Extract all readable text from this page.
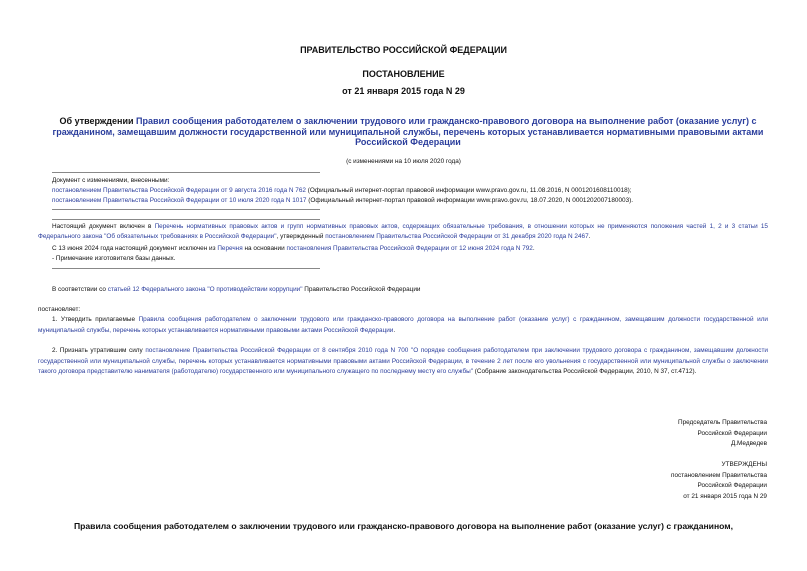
ПРАВИТЕЛЬСТВО РОССИЙСКОЙ ФЕДЕРАЦИИ
ПОСТАНОВЛЕНИЕ
от 21 января 2015 года N 29
Об утверждении Правил сообщения работодателем о заключении трудового или гражданско-правового договора на выполнение работ (оказание услуг) с гражданином, замещавшим должности государственной или муниципальной службы, перечень которых устанавливается нормативными правовыми актами Российской Федерации
(с изменениями на 10 июля 2020 года)
Документ с изменениями, внесенными:
постановлением Правительства Российской Федерации от 9 августа 2016 года N 762 (Официальный интернет-портал правовой информации www.pravo.gov.ru, 11.08.2016, N 0001201608110018);
постановлением Правительства Российской Федерации от 10 июля 2020 года N 1017 (Официальный интернет-портал правовой информации www.pravo.gov.ru, 18.07.2020, N 0001202007180003).
Настоящий документ включен в Перечень нормативных правовых актов и групп нормативных правовых актов, содержащих обязательные требования, в отношении которых не применяются положения частей 1, 2 и 3 статьи 15 Федерального закона "Об обязательных требованиях в Российской Федерации", утвержденный постановлением Правительства Российской Федерации от 31 декабря 2020 года N 2467.
С 13 июня 2024 года настоящий документ исключен из Перечня на основании постановления Правительства Российской Федерации от 12 июня 2024 года N 792.
- Примечание изготовителя базы данных.
В соответствии со статьей 12 Федерального закона "О противодействии коррупции" Правительство Российской Федерации
постановляет:
1. Утвердить прилагаемые Правила сообщения работодателем о заключении трудового или гражданско-правового договора на выполнение работ (оказание услуг) с гражданином, замещавшим должности государственной или муниципальной службы, перечень которых устанавливается нормативными правовыми актами Российской Федерации.
2. Признать утратившим силу постановление Правительства Российской Федерации от 8 сентября 2010 года N 700 "О порядке сообщения работодателем при заключении трудового договора с гражданином, замещавшим должности государственной или муниципальной службы, перечень которых устанавливается нормативными правовыми актами Российской Федерации, в течение 2 лет после его увольнения с государственной или муниципальной службы о заключении такого договора представителю нанимателя (работодателю) государственного или муниципального служащего по последнему месту его службы" (Собрание законодательства Российской Федерации, 2010, N 37, ст.4712).
Председатель Правительства
Российской Федерации
Д.Медведев
УТВЕРЖДЕНЫ
постановлением Правительства
Российской Федерации
от 21 января 2015 года N 29
Правила сообщения работодателем о заключении трудового или гражданско-правового договора на выполнение работ (оказание услуг) с гражданином,
